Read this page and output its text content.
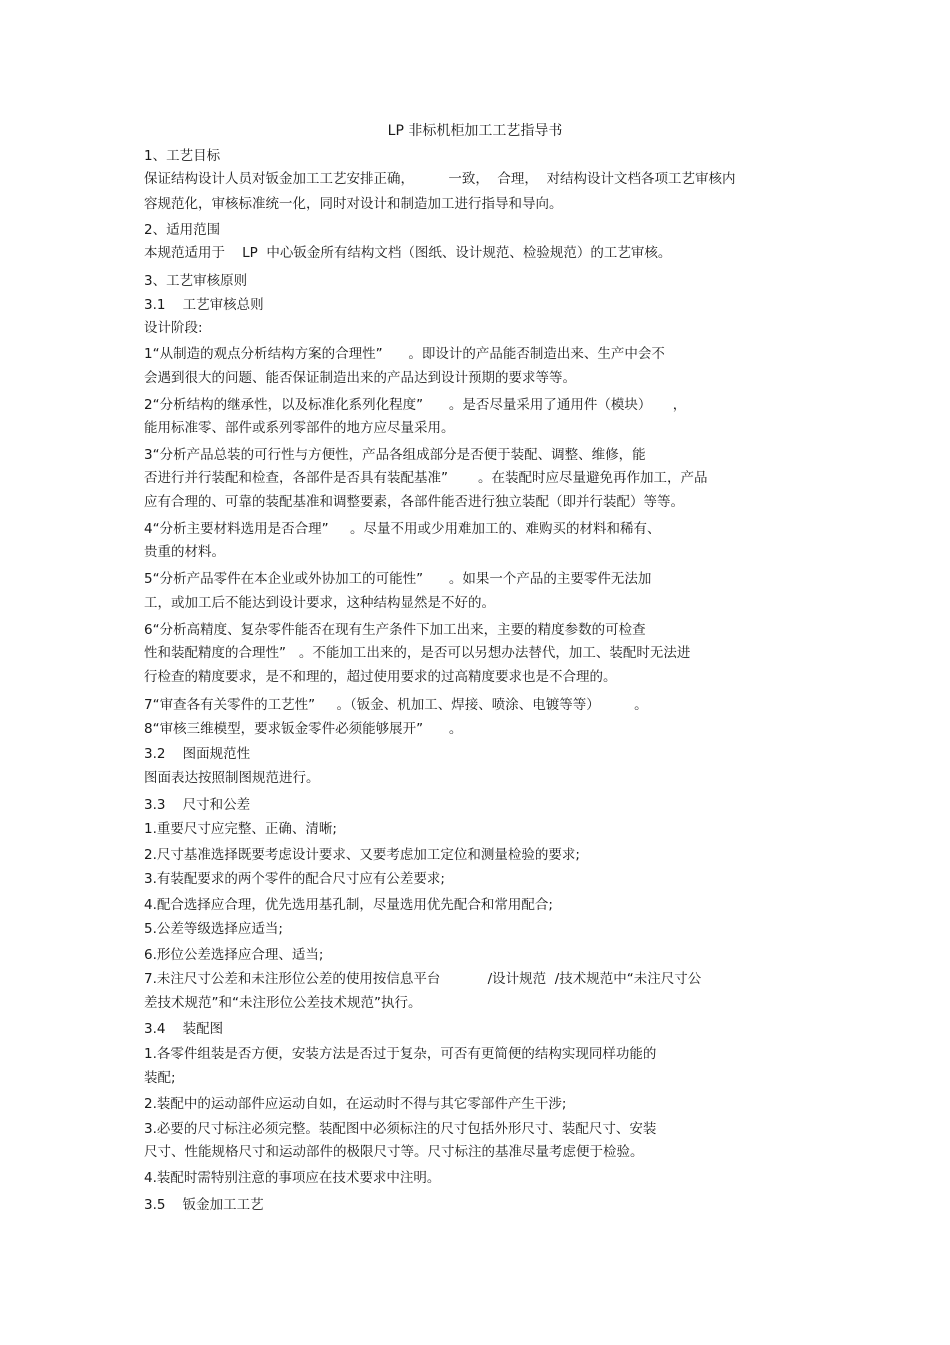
LP 非标机柜加工工艺指导书
1、工艺目标
保证结构设计人员对钣金加工工艺安排正确，        一致，  合理，  对结构设计文档各项工艺审核内
容规范化，审核标准统一化，同时对设计和制造加工进行指导和导向。
2、适用范围
本规范适用于    LP  中心钣金所有结构文档（图纸、设计规范、检验规范）的工艺审核。
3、工艺审核原则
3.1    工艺审核总则
设计阶段:
1“从制造的观点分析结构方案的合理性”      。即设计的产品能否制造出来、生产中会不
会遇到很大的问题、能否保证制造出来的产品达到设计预期的要求等等。
2“分析结构的继承性，以及标准化系列化程度”      。是否尽量采用了通用件（模块）     ，
能用标准零、部件或系列零部件的地方应尽量采用。
3“分析产品总装的可行性与方便性，产品各组成部分是否便于装配、调整、维修，能
否进行并行装配和检查，各部件是否具有装配基准”       。在装配时应尽量避免再作加工，产品
应有合理的、可靠的装配基准和调整要素，各部件能否进行独立装配（即并行装配）等等。
4“分析主要材料选用是否合理”     。尽量不用或少用难加工的、难购买的材料和稀有、
贵重的材料。
5“分析产品零件在本企业或外协加工的可能性”      。如果一个产品的主要零件无法加
工，或加工后不能达到设计要求，这种结构显然是不好的。
6“分析高精度、复杂零件能否在现有生产条件下加工出来，主要的精度参数的可检查
性和装配精度的合理性”   。不能加工出来的，是否可以另想办法替代，加工、装配时无法进
行检查的精度要求，是不和理的，超过使用要求的过高精度要求也是不合理的。
7“审查各有关零件的工艺性”     。（钣金、机加工、焊接、喷涂、电镀等等）        。
8“审核三维模型，要求钣金零件必须能够展开”      。
3.2    图面规范性
图面表达按照制图规范进行。
3.3    尺寸和公差
1.重要尺寸应完整、正确、清晰;
2.尺寸基准选择既要考虑设计要求、又要考虑加工定位和测量检验的要求;
3.有装配要求的两个零件的配合尺寸应有公差要求;
4.配合选择应合理，优先选用基孔制，尽量选用优先配合和常用配合;
5.公差等级选择应适当;
6.形位公差选择应合理、适当;
7.未注尺寸公差和未注形位公差的使用按信息平台           /设计规范  /技术规范中“未注尺寸公
差技术规范”和“未注形位公差技术规范”执行。
3.4    装配图
1.各零件组装是否方便，安装方法是否过于复杂，可否有更简便的结构实现同样功能的
装配;
2.装配中的运动部件应运动自如，在运动时不得与其它零部件产生干涉;
3.必要的尺寸标注必须完整。装配图中必须标注的尺寸包括外形尺寸、装配尺寸、安装
尺寸、性能规格尺寸和运动部件的极限尺寸等。尺寸标注的基准尽量考虑便于检验。
4.装配时需特别注意的事项应在技术要求中注明。
3.5    钣金加工工艺
